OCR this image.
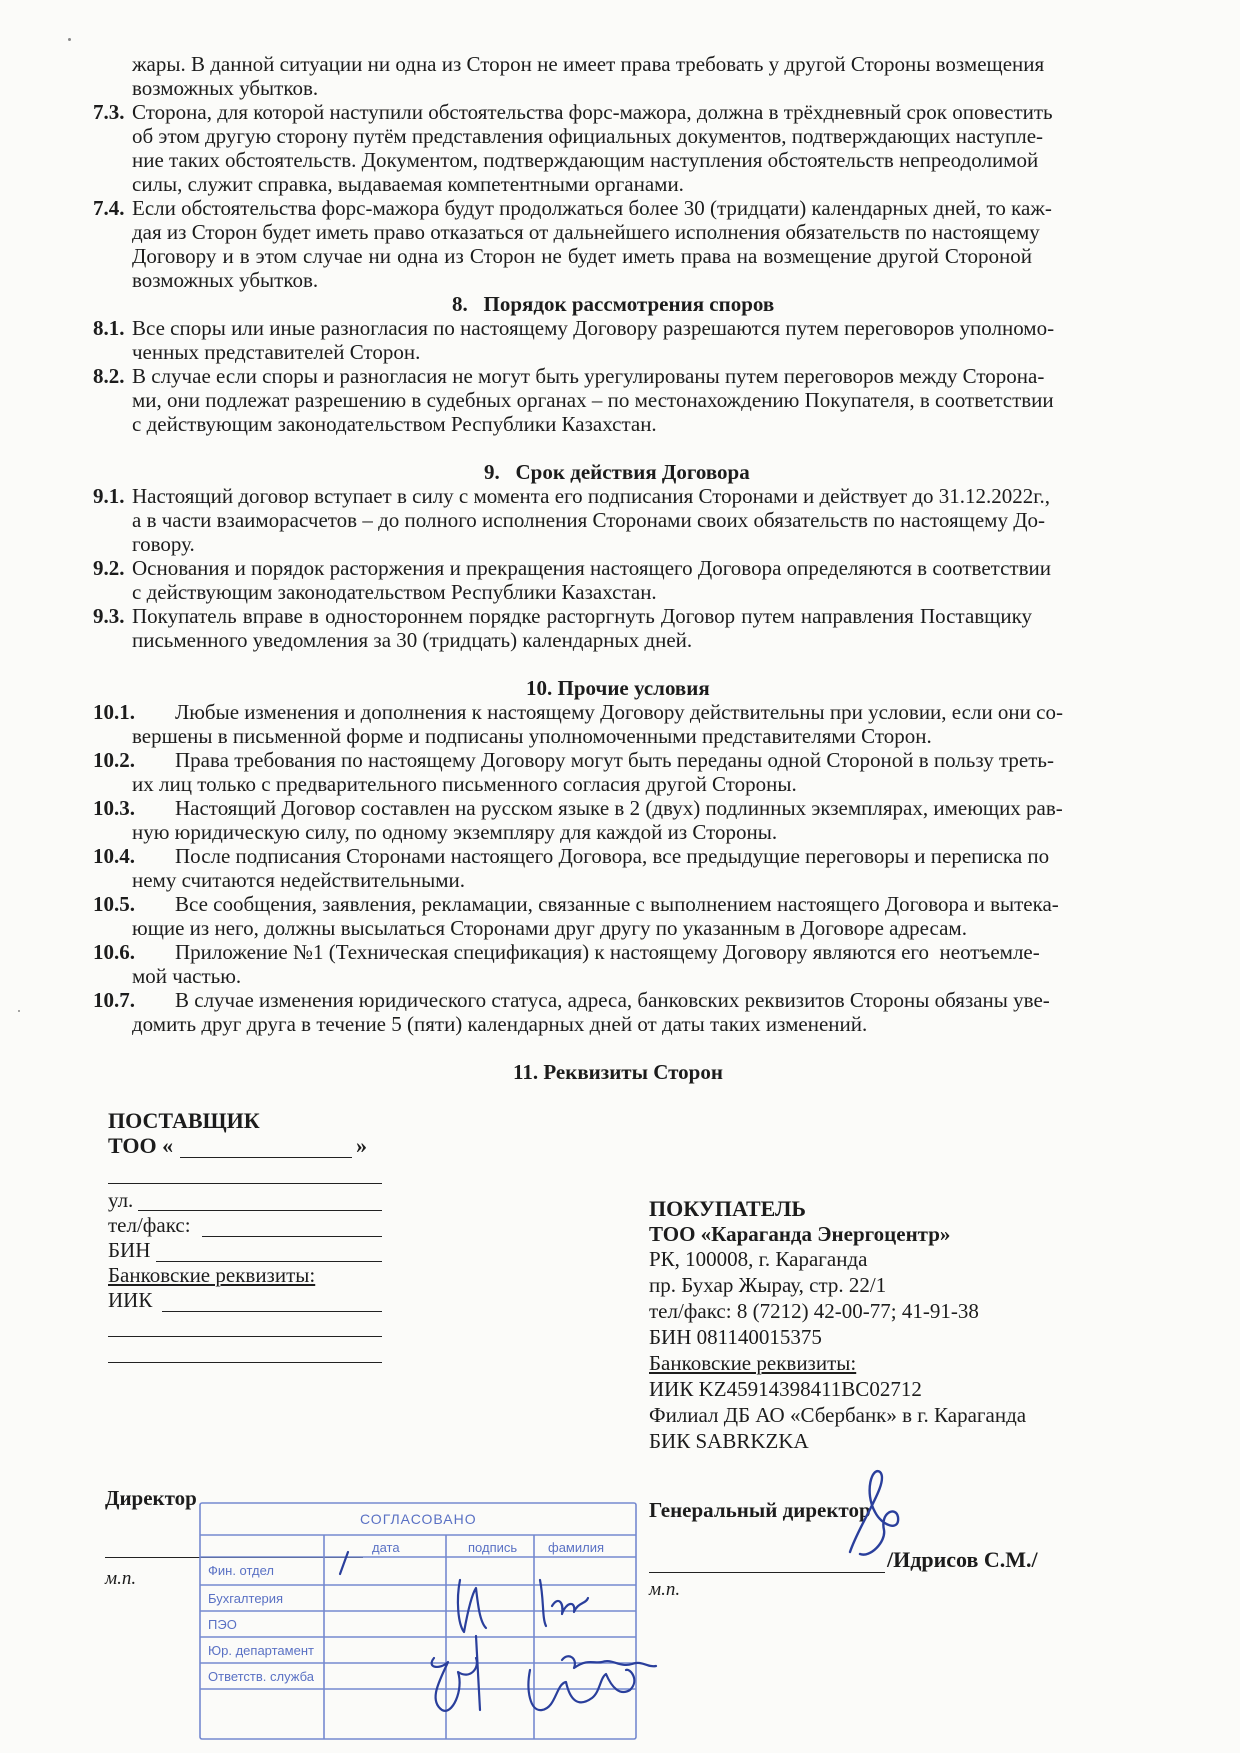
жары. В данной ситуации ни одна из Сторон не имеет права требовать у другой Стороны возмещения
возможных убытков.
7.3. Сторона, для которой наступили обстоятельства форс-мажора, должна в трёхдневный срок оповестить
об этом другую сторону путём представления официальных документов, подтверждающих наступле-
ние таких обстоятельств. Документом, подтверждающим наступления обстоятельств непреодолимой
силы, служит справка, выдаваемая компетентными органами.
7.4. Если обстоятельства форс-мажора будут продолжаться более 30 (тридцати) календарных дней, то каж-
дая из Сторон будет иметь право отказаться от дальнейшего исполнения обязательств по настоящему
Договору и в этом случае ни одна из Сторон не будет иметь права на возмещение другой Стороной
возможных убытков.
8.   Порядок рассмотрения споров
8.1. Все споры или иные разногласия по настоящему Договору разрешаются путем переговоров уполномо-
ченных представителей Сторон.
8.2. В случае если споры и разногласия не могут быть урегулированы путем переговоров между Сторона-
ми, они подлежат разрешению в судебных органах – по местонахождению Покупателя, в соответствии
с действующим законодательством Республики Казахстан.
9.   Срок действия Договора
9.1. Настоящий договор вступает в силу с момента его подписания Сторонами и действует до 31.12.2022г.,
а в части взаиморасчетов – до полного исполнения Сторонами своих обязательств по настоящему До-
говору.
9.2. Основания и порядок расторжения и прекращения настоящего Договора определяются в соответствии
с действующим законодательством Республики Казахстан.
9.3. Покупатель вправе в одностороннем порядке расторгнуть Договор путем направления Поставщику
письменного уведомления за 30 (тридцать) календарных дней.
10. Прочие условия
10.1. Любые изменения и дополнения к настоящему Договору действительны при условии, если они со-
вершены в письменной форме и подписаны уполномоченными представителями Сторон.
10.2. Права требования по настоящему Договору могут быть переданы одной Стороной в пользу треть-
их лиц только с предварительного письменного согласия другой Стороны.
10.3. Настоящий Договор составлен на русском языке в 2 (двух) подлинных экземплярах, имеющих рав-
ную юридическую силу, по одному экземпляру для каждой из Стороны.
10.4. После подписания Сторонами настоящего Договора, все предыдущие переговоры и переписка по
нему считаются недействительными.
10.5. Все сообщения, заявления, рекламации, связанные с выполнением настоящего Договора и вытека-
ющие из него, должны высылаться Сторонами друг другу по указанным в Договоре адресам.
10.6. Приложение №1 (Техническая спецификация) к настоящему Договору являются его  неотъемле-
мой частью.
10.7. В случае изменения юридического статуса, адреса, банковских реквизитов Стороны обязаны уве-
домить друг друга в течение 5 (пяти) календарных дней от даты таких изменений.
11. Реквизиты Сторон
ПОСТАВЩИК
ТОО «	»
ул.
тел/факс:
БИН
Банковские реквизиты:
ИИК
Директор
м.п.
ПОКУПАТЕЛЬ
ТОО «Караганда Энергоцентр»
РК, 100008, г. Караганда
пр. Бухар Жырау, стр. 22/1
тел/факс: 8 (7212) 42-00-77; 41-91-38
БИН 081140015375
Банковские реквизиты:
ИИК KZ45914398411BC02712
Филиал ДБ АО «Сбербанк» в г. Караганда
БИК SABRKZKA
Генеральный директор
/Идрисов С.М./
м.п.
СОГЛАСОВАНО
дата	подпись фамилия
Фин. отдел
Бухгалтерия
ПЭО
Юр. департамент
Ответств. служба
